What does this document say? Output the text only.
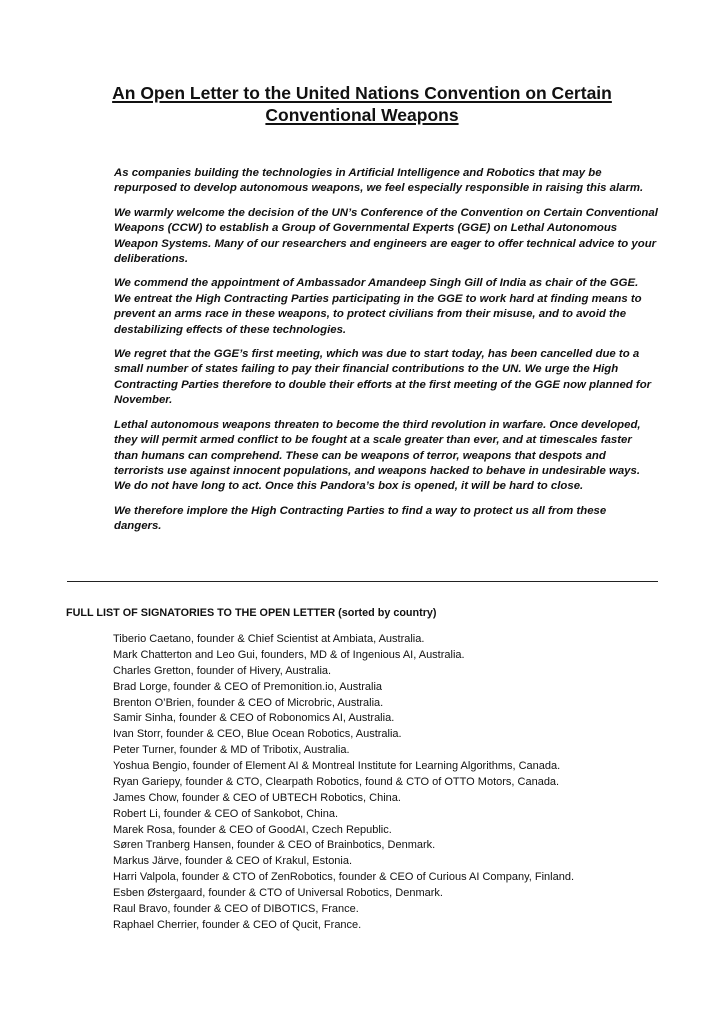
An Open Letter to the United Nations Convention on Certain
Conventional Weapons

As companies building the technologies in Artificial Intelligence and Robotics that may be
repurposed to develop autonomous weapons, we feel especially responsible in raising this alarm.

We warmly welcome the decision of the UN’s Conference of the Convention on Certain Conventional
Weapons (CCW) to establish a Group of Governmental Experts (GGE) on Lethal Autonomous
Weapon Systems. Many of our researchers and engineers are eager to offer technical advice to your
deliberations.

We commend the appointment of Ambassador Amandeep Singh Gill of India as chair of the GGE.
We entreat the High Contracting Parties participating in the GGE to work hard at finding means to
prevent an arms race in these weapons, to protect civilians from their misuse, and to avoid the
destabilizing effects of these technologies.

We regret that the GGE’s first meeting, which was due to start today, has been cancelled due to a
small number of states failing to pay their financial contributions to the UN. We urge the High
Contracting Parties therefore to double their efforts at the first meeting of the GGE now planned for
November.

Lethal autonomous weapons threaten to become the third revolution in warfare. Once developed,
they will permit armed conflict to be fought at a scale greater than ever, and at timescales faster
than humans can comprehend. These can be weapons of terror, weapons that despots and
terrorists use against innocent populations, and weapons hacked to behave in undesirable ways.
We do not have long to act. Once this Pandora’s box is opened, it will be hard to close.

We therefore implore the High Contracting Parties to find a way to protect us all from these
dangers.

FULL LIST OF SIGNATORIES TO THE OPEN LETTER (sorted by country)
Tiberio Caetano, founder & Chief Scientist at Ambiata, Australia.
Mark Chatterton and Leo Gui, founders, MD & of Ingenious AI, Australia.
Charles Gretton, founder of Hivery, Australia.
Brad Lorge, founder & CEO of Premonition.io, Australia
Brenton O’Brien, founder & CEO of Microbric, Australia.
Samir Sinha, founder & CEO of Robonomics AI, Australia.
Ivan Storr, founder & CEO, Blue Ocean Robotics, Australia.
Peter Turner, founder & MD of Tribotix, Australia.
Yoshua Bengio, founder of Element AI & Montreal Institute for Learning Algorithms, Canada.
Ryan Gariepy, founder & CTO, Clearpath Robotics, found & CTO of OTTO Motors, Canada.
James Chow, founder & CEO of UBTECH Robotics, China.
Robert Li, founder & CEO of Sankobot, China.
Marek Rosa, founder & CEO of GoodAI, Czech Republic.
Søren Tranberg Hansen, founder & CEO of Brainbotics, Denmark.
Markus Järve, founder & CEO of Krakul, Estonia.
Harri Valpola, founder & CTO of ZenRobotics, founder & CEO of Curious AI Company, Finland.
Esben Østergaard, founder & CTO of Universal Robotics, Denmark.
Raul Bravo, founder & CEO of DIBOTICS, France.
Raphael Cherrier, founder & CEO of Qucit, France.
